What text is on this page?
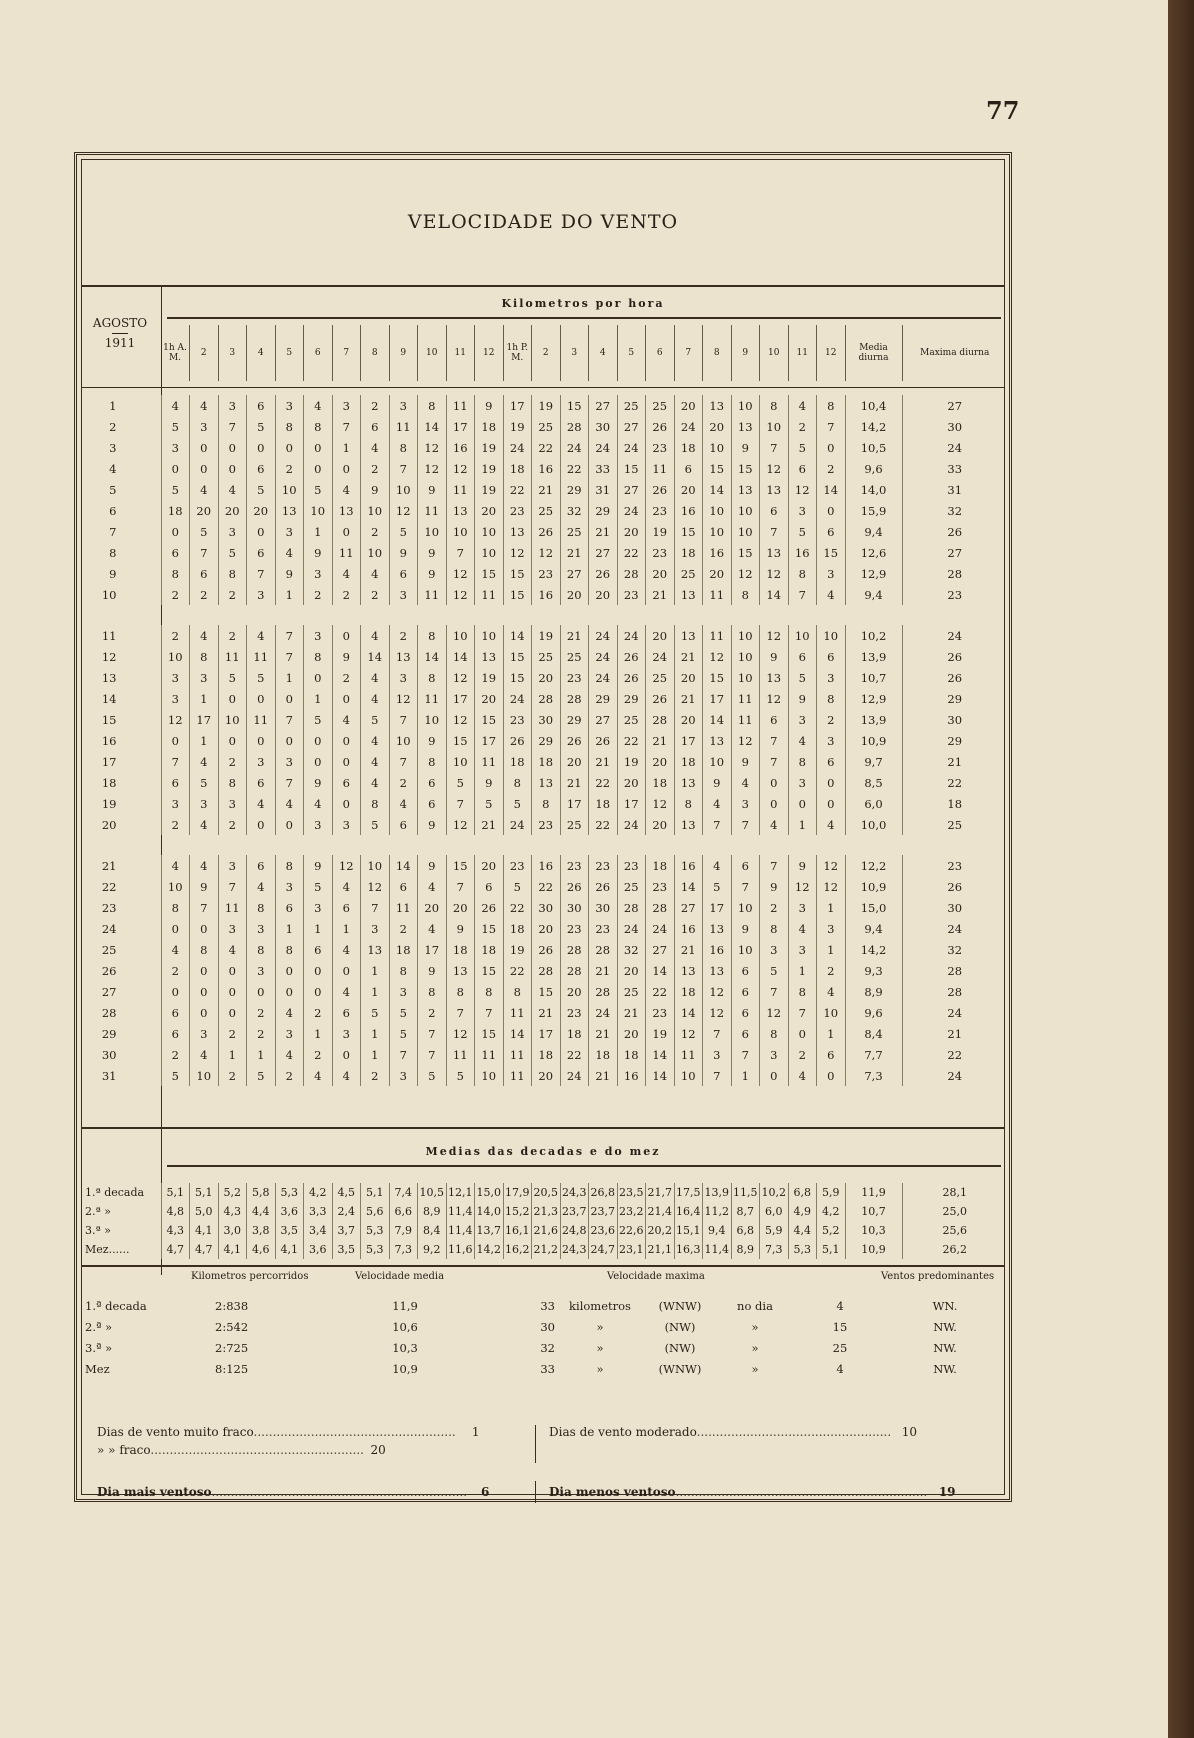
77
VELOCIDADE DO VENTO
AGOSTO
1911
Kilometros por hora
1h A. M.	2	3	4	5	6	7	8	9	10	11	12	1h P. M.	2	3	4	5	6	7	8	9	10	11	12	Media diurna	Maxima diurna
1	4	4	3	6	3	4	3	2	3	8	11	9	17	19	15	27	25	25	20	13	10	8	4	8	10,4	27
2	5	3	7	5	8	8	7	6	11	14	17	18	19	25	28	30	27	26	24	20	13	10	2	7	14,2	30
3	3	0	0	0	0	0	1	4	8	12	16	19	24	22	24	24	24	23	18	10	9	7	5	0	10,5	24
4	0	0	0	6	2	0	0	2	7	12	12	19	18	16	22	33	15	11	6	15	15	12	6	2	9,6	33
5	5	4	4	5	10	5	4	9	10	9	11	19	22	21	29	31	27	26	20	14	13	13	12	14	14,0	31
6	18	20	20	20	13	10	13	10	12	11	13	20	23	25	32	29	24	23	16	10	10	6	3	0	15,9	32
7	0	5	3	0	3	1	0	2	5	10	10	10	13	26	25	21	20	19	15	10	10	7	5	6	9,4	26
8	6	7	5	6	4	9	11	10	9	9	7	10	12	12	21	27	22	23	18	16	15	13	16	15	12,6	27
9	8	6	8	7	9	3	4	4	6	9	12	15	15	23	27	26	28	20	25	20	12	12	8	3	12,9	28
10	2	2	2	3	1	2	2	2	3	11	12	11	15	16	20	20	23	21	13	11	8	14	7	4	9,4	23

11	2	4	2	4	7	3	0	4	2	8	10	10	14	19	21	24	24	20	13	11	10	12	10	10	10,2	24
12	10	8	11	11	7	8	9	14	13	14	14	13	15	25	25	24	26	24	21	12	10	9	6	6	13,9	26
13	3	3	5	5	1	0	2	4	3	8	12	19	15	20	23	24	26	25	20	15	10	13	5	3	10,7	26
14	3	1	0	0	0	1	0	4	12	11	17	20	24	28	28	29	29	26	21	17	11	12	9	8	12,9	29
15	12	17	10	11	7	5	4	5	7	10	12	15	23	30	29	27	25	28	20	14	11	6	3	2	13,9	30
16	0	1	0	0	0	0	0	4	10	9	15	17	26	29	26	26	22	21	17	13	12	7	4	3	10,9	29
17	7	4	2	3	3	0	0	4	7	8	10	11	18	18	20	21	19	20	18	10	9	7	8	6	9,7	21
18	6	5	8	6	7	9	6	4	2	6	5	9	8	13	21	22	20	18	13	9	4	0	3	0	8,5	22
19	3	3	3	4	4	4	0	8	4	6	7	5	5	8	17	18	17	12	8	4	3	0	0	0	6,0	18
20	2	4	2	0	0	3	3	5	6	9	12	21	24	23	25	22	24	20	13	7	7	4	1	4	10,0	25

21	4	4	3	6	8	9	12	10	14	9	15	20	23	16	23	23	23	18	16	4	6	7	9	12	12,2	23
22	10	9	7	4	3	5	4	12	6	4	7	6	5	22	26	26	25	23	14	5	7	9	12	12	10,9	26
23	8	7	11	8	6	3	6	7	11	20	20	26	22	30	30	30	28	28	27	17	10	2	3	1	15,0	30
24	0	0	3	3	1	1	1	3	2	4	9	15	18	20	23	23	24	24	16	13	9	8	4	3	9,4	24
25	4	8	4	8	8	6	4	13	18	17	18	18	19	26	28	28	32	27	21	16	10	3	3	1	14,2	32
26	2	0	0	3	0	0	0	1	8	9	13	15	22	28	28	21	20	14	13	13	6	5	1	2	9,3	28
27	0	0	0	0	0	0	4	1	3	8	8	8	8	15	20	28	25	22	18	12	6	7	8	4	8,9	28
28	6	0	0	2	4	2	6	5	5	2	7	7	11	21	23	24	21	23	14	12	6	12	7	10	9,6	24
29	6	3	2	2	3	1	3	1	5	7	12	15	14	17	18	21	20	19	12	7	6	8	0	1	8,4	21
30	2	4	1	1	4	2	0	1	7	7	11	11	11	18	22	18	18	14	11	3	7	3	2	6	7,7	22
31	5	10	2	5	2	4	4	2	3	5	5	10	11	20	24	21	16	14	10	7	1	0	4	0	7,3	24
Medias das decadas e do mez
1.ª decada	5,1	5,1	5,2	5,8	5,3	4,2	4,5	5,1	7,4	10,5	12,1	15,0	17,9	20,5	24,3	26,8	23,5	21,7	17,5	13,9	11,5	10,2	6,8	5,9	11,9	28,1
2.ª »	4,8	5,0	4,3	4,4	3,6	3,3	2,4	5,6	6,6	8,9	11,4	14,0	15,2	21,3	23,7	23,7	23,2	21,4	16,4	11,2	8,7	6,0	4,9	4,2	10,7	25,0
3.ª »	4,3	4,1	3,0	3,8	3,5	3,4	3,7	5,3	7,9	8,4	11,4	13,7	16,1	21,6	24,8	23,6	22,6	20,2	15,1	9,4	6,8	5,9	4,4	5,2	10,3	25,6
Mez......	4,7	4,7	4,1	4,6	4,1	3,6	3,5	5,3	7,3	9,2	11,6	14,2	16,2	21,2	24,3	24,7	23,1	21,1	16,3	11,4	8,9	7,3	5,3	5,1	10,9	26,2
Kilometros percorridos	Velocidade media	Velocidade maxima	Ventos predominantes
1.ª decada	2:838	11,9	33	kilometros	(WNW)	no dia	4	WN.
2.ª »	2:542	10,6	30	»	(NW)	»	15	NW.
3.ª »	2:725	10,3	32	»	(NW)	»	25	NW.
Mez	8:125	10,9	33	»	(WNW)	»	4	NW.
Dias de vento muito fraco..................................................... 1
» » fraco........................................................ 20
Dias de vento moderado................................................... 10
Dia mais ventoso................................................................... 6	Dia menos ventoso.................................................................. 19
